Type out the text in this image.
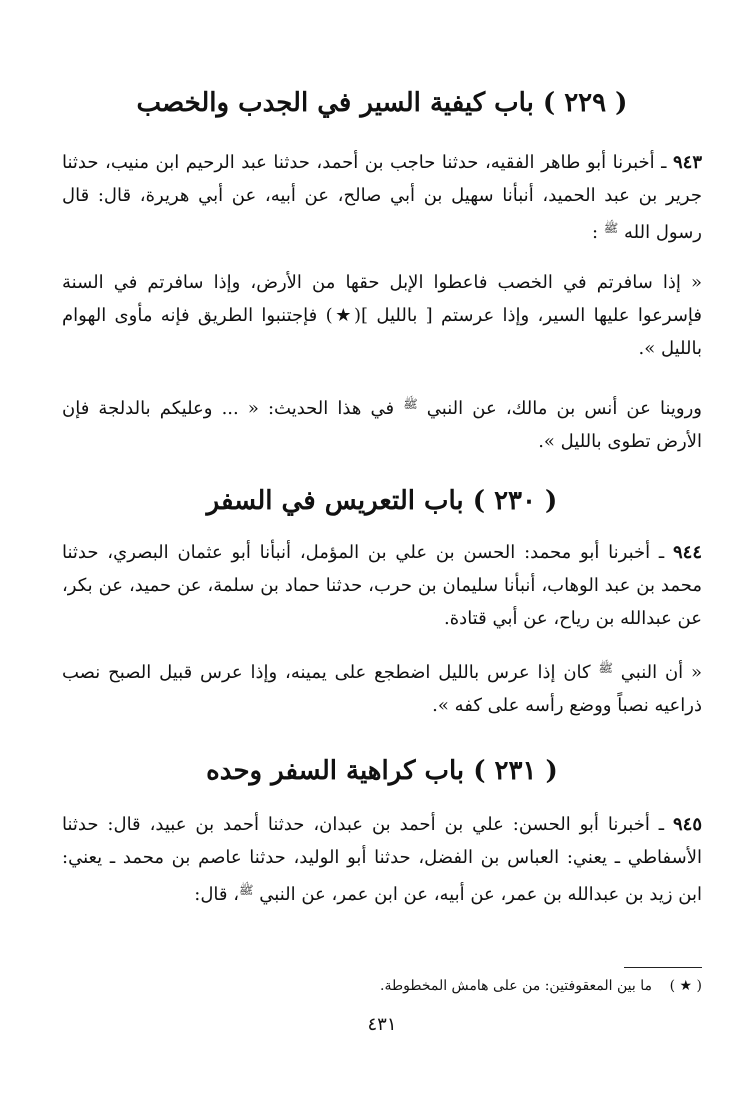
( ٢٢٩ ) باب كيفية السير في الجدب والخصب

٩٤٣ ـ أخبرنا أبو طاهر الفقيه، حدثنا حاجب بن أحمد، حدثنا عبد الرحيم ابن منيب، حدثنا جرير بن عبد الحميد، أنبأنا سهيل بن أبي صالح، عن أبيه، عن أبي هريرة، قال: قال رسول الله $^ﷺ$ :

« إذا سافرتم في الخصب فاعطوا الإبل حقها من الأرض، وإذا سافرتم في السنة فإسرعوا عليها السير، وإذا عرستم [ بالليل ](★) فإجتنبوا الطريق فإنه مأوى الهوام بالليل ».

وروينا عن أنس بن مالك، عن النبي $^ﷺ$ في هذا الحديث: « ... وعليكم بالدلجة فإن الأرض تطوى بالليل ».

( ٢٣٠ ) باب التعريس في السفر

٩٤٤ ـ أخبرنا أبو محمد: الحسن بن علي بن المؤمل، أنبأنا أبو عثمان البصري، حدثنا محمد بن عبد الوهاب، أنبأنا سليمان بن حرب، حدثنا حماد بن سلمة، عن حميد، عن بكر، عن عبدالله بن رياح، عن أبي قتادة.

« أن النبي $^ﷺ$ كان إذا عرس بالليل اضطجع على يمينه، وإذا عرس قبيل الصبح نصب ذراعيه نصباً ووضع رأسه على كفه ».

( ٢٣١ ) باب كراهية السفر وحده

٩٤٥ ـ أخبرنا أبو الحسن: علي بن أحمد بن عبدان، حدثنا أحمد بن عبيد، قال: حدثنا الأسفاطي ـ يعني: العباس بن الفضل، حدثنا أبو الوليد، حدثنا عاصم بن محمد ـ يعني: ابن زيد بن عبدالله بن عمر، عن أبيه، عن ابن عمر، عن النبي $^ﷺ$، قال:

( ★ )ما بين المعقوفتين: من على هامش المخطوطة.

٤٣١
